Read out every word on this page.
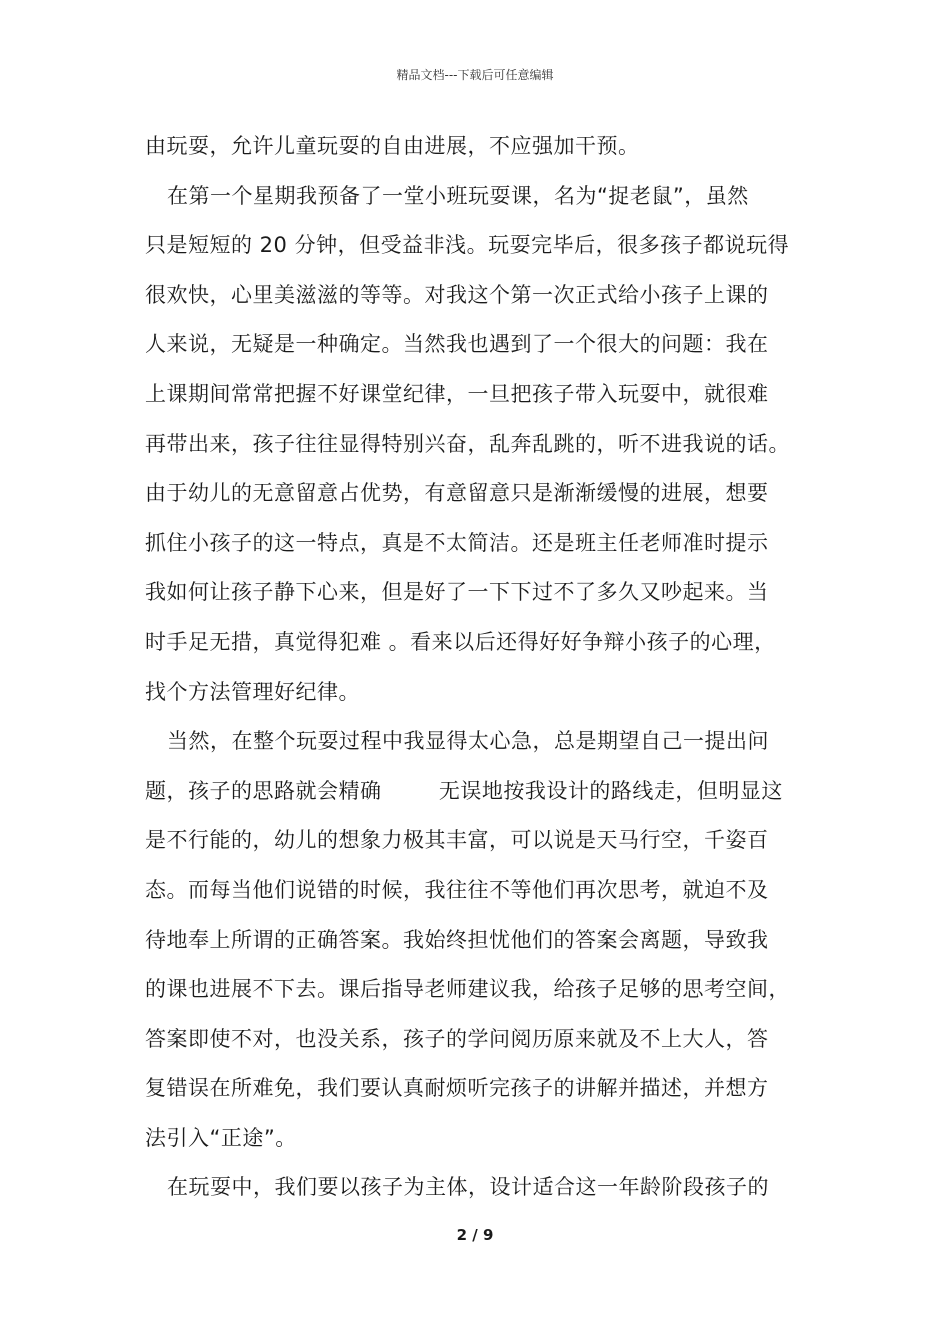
精品文档---下载后可任意编辑
由玩耍，允许儿童玩耍的自由进展，不应强加干预。
在第一个星期我预备了一堂小班玩耍课，名为“捉老鼠”，虽然
只是短短的 20 分钟，但受益非浅。玩耍完毕后，很多孩子都说玩得
很欢快，心里美滋滋的等等。对我这个第一次正式给小孩子上课的
人来说，无疑是一种确定。当然我也遇到了一个很大的问题：我在
上课期间常常把握不好课堂纪律，一旦把孩子带入玩耍中，就很难
再带出来，孩子往往显得特别兴奋，乱奔乱跳的，听不进我说的话。
由于幼儿的无意留意占优势，有意留意只是渐渐缓慢的进展，想要
抓住小孩子的这一特点，真是不太简洁。还是班主任老师准时提示
我如何让孩子静下心来，但是好了一下下过不了多久又吵起来。当
时手足无措，真觉得犯难 。看来以后还得好好争辩小孩子的心理，
找个方法管理好纪律。
当然，在整个玩耍过程中我显得太心急，总是期望自己一提出问
题，孩子的思路就会精确        无误地按我设计的路线走，但明显这
是不行能的，幼儿的想象力极其丰富，可以说是天马行空，千姿百
态。而每当他们说错的时候，我往往不等他们再次思考，就迫不及
待地奉上所谓的正确答案。我始终担忧他们的答案会离题，导致我
的课也进展不下去。课后指导老师建议我，给孩子足够的思考空间，
答案即使不对，也没关系，孩子的学问阅历原来就及不上大人，答
复错误在所难免，我们要认真耐烦听完孩子的讲解并描述，并想方
法引入“正途”。
在玩耍中，我们要以孩子为主体，设计适合这一年龄阶段孩子的
2 / 9
